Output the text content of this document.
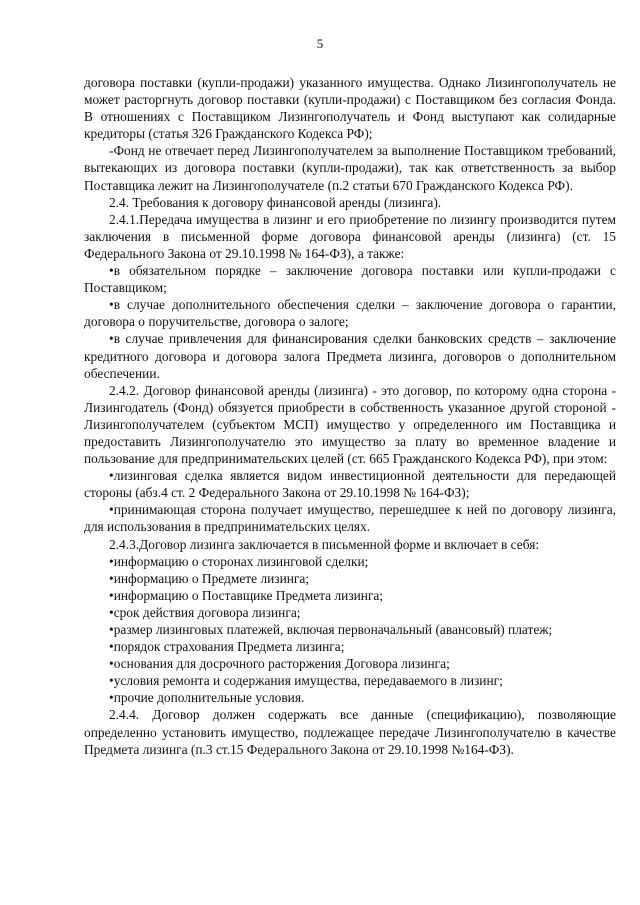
5

договора поставки (купли-продажи) указанного имущества. Однако Лизингополучатель не может расторгнуть договор поставки (купли-продажи) с Поставщиком без согласия Фонда. В отношениях с Поставщиком Лизингополучатель и Фонд выступают как солидарные кредиторы (статья 326 Гражданского Кодекса РФ);

-Фонд не отвечает перед Лизингополучателем за выполнение Поставщиком требований, вытекающих из договора поставки (купли-продажи), так как ответственность за выбор Поставщика лежит на Лизингополучателе (п.2 статьи 670 Гражданского Кодекса РФ).

2.4. Требования к договору финансовой аренды (лизинга).

2.4.1.Передача имущества в лизинг и его приобретение по лизингу производится путем заключения в письменной форме договора финансовой аренды (лизинга) (ст. 15 Федерального Закона от 29.10.1998 № 164-ФЗ), а также:

•в обязательном порядке – заключение договора поставки или купли-продажи с Поставщиком;

•в случае дополнительного обеспечения сделки – заключение договора о гарантии, договора о поручительстве, договора о залоге;

•в случае привлечения для финансирования сделки банковских средств – заключение кредитного договора и договора залога Предмета лизинга, договоров о дополнительном обеспечении.

2.4.2. Договор финансовой аренды (лизинга) - это договор, по которому одна сторона - Лизингодатель (Фонд) обязуется приобрести в собственность указанное другой стороной - Лизингополучателем (субъектом МСП) имущество у определенного им Поставщика и предоставить Лизингополучателю это имущество за плату во временное владение и пользование для предпринимательских целей (ст. 665 Гражданского Кодекса РФ), при этом:

•лизинговая сделка является видом инвестиционной деятельности для передающей стороны (абз.4 ст. 2 Федерального Закона от 29.10.1998 № 164-ФЗ);

•принимающая сторона получает имущество, перешедшее к ней по договору лизинга, для использования в предпринимательских целях.

2.4.3.Договор лизинга заключается в письменной форме и включает в себя:

•информацию о сторонах лизинговой сделки;

•информацию о Предмете лизинга;

•информацию о Поставщике Предмета лизинга;

•срок действия договора лизинга;

•размер лизинговых платежей, включая первоначальный (авансовый) платеж;

•порядок страхования Предмета лизинга;

•основания для досрочного расторжения Договора лизинга;

•условия ремонта и содержания имущества, передаваемого в лизинг;

•прочие дополнительные условия.

2.4.4. Договор должен содержать все данные (спецификацию), позволяющие определенно установить имущество, подлежащее передаче Лизингополучателю в качестве Предмета лизинга (п.3 ст.15 Федерального Закона от 29.10.1998 №164-ФЗ).
